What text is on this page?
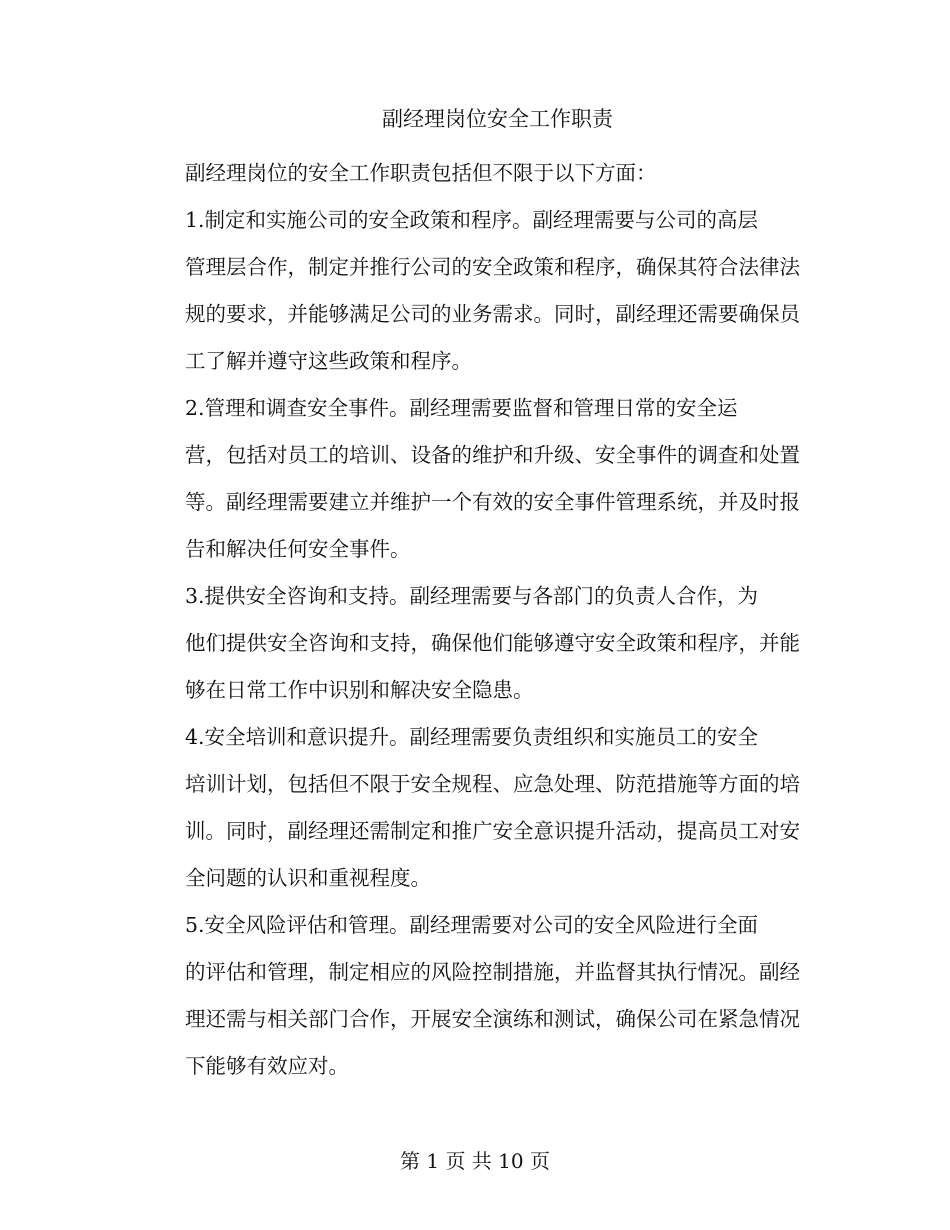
副经理岗位安全工作职责

副经理岗位的安全工作职责包括但不限于以下方面：

1.制定和实施公司的安全政策和程序。副经理需要与公司的高层
管理层合作，制定并推行公司的安全政策和程序，确保其符合法律法
规的要求，并能够满足公司的业务需求。同时，副经理还需要确保员
工了解并遵守这些政策和程序。

2.管理和调查安全事件。副经理需要监督和管理日常的安全运
营，包括对员工的培训、设备的维护和升级、安全事件的调查和处置
等。副经理需要建立并维护一个有效的安全事件管理系统，并及时报
告和解决任何安全事件。

3.提供安全咨询和支持。副经理需要与各部门的负责人合作，为
他们提供安全咨询和支持，确保他们能够遵守安全政策和程序，并能
够在日常工作中识别和解决安全隐患。

4.安全培训和意识提升。副经理需要负责组织和实施员工的安全
培训计划，包括但不限于安全规程、应急处理、防范措施等方面的培
训。同时，副经理还需制定和推广安全意识提升活动，提高员工对安
全问题的认识和重视程度。

5.安全风险评估和管理。副经理需要对公司的安全风险进行全面
的评估和管理，制定相应的风险控制措施，并监督其执行情况。副经
理还需与相关部门合作，开展安全演练和测试，确保公司在紧急情况
下能够有效应对。

第 1 页 共 10 页
